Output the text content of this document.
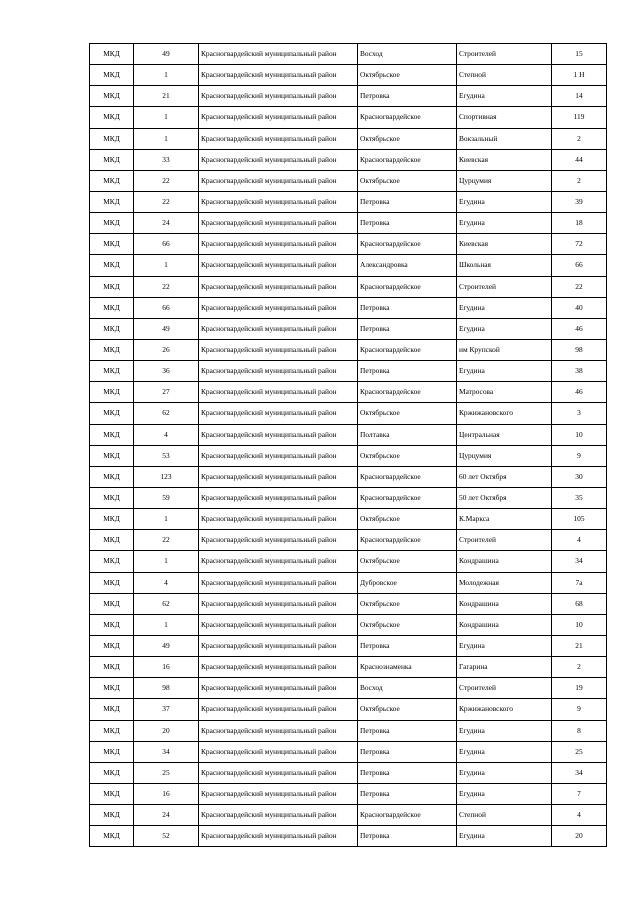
МКД	49	Красногвардейский муниципальный район	Восход	Строителей	15
МКД	1	Красногвардейский муниципальный район	Октябрьское	Степной	1 Н
МКД	21	Красногвардейский муниципальный район	Петровка	Егудина	14
МКД	1	Красногвардейский муниципальный район	Красногвардейское	Спортивная	119
МКД	1	Красногвардейский муниципальный район	Октябрьское	Вокзальный	2
МКД	33	Красногвардейский муниципальный район	Красногвардейское	Киевская	44
МКД	22	Красногвардейский муниципальный район	Октябрьское	Цурцумия	2
МКД	22	Красногвардейский муниципальный район	Петровка	Егудина	39
МКД	24	Красногвардейский муниципальный район	Петровка	Егудина	18
МКД	66	Красногвардейский муниципальный район	Красногвардейское	Киевская	72
МКД	1	Красногвардейский муниципальный район	Александровка	Школьная	66
МКД	22	Красногвардейский муниципальный район	Красногвардейское	Строителей	22
МКД	66	Красногвардейский муниципальный район	Петровка	Егудина	40
МКД	49	Красногвардейский муниципальный район	Петровка	Егудина	46
МКД	26	Красногвардейский муниципальный район	Красногвардейское	им Крупской	98
МКД	36	Красногвардейский муниципальный район	Петровка	Егудина	38
МКД	27	Красногвардейский муниципальный район	Красногвардейское	Матросова	46
МКД	62	Красногвардейский муниципальный район	Октябрьское	Кржижановского	3
МКД	4	Красногвардейский муниципальный район	Полтавка	Центральная	10
МКД	53	Красногвардейский муниципальный район	Октябрьское	Цурцумия	9
МКД	123	Красногвардейский муниципальный район	Красногвардейское	60 лет Октября	30
МКД	59	Красногвардейский муниципальный район	Красногвардейское	50 лет Октября	35
МКД	1	Красногвардейский муниципальный район	Октябрьское	К.Маркса	105
МКД	22	Красногвардейский муниципальный район	Красногвардейское	Строителей	4
МКД	1	Красногвардейский муниципальный район	Октябрьское	Кондрашина	34
МКД	4	Красногвардейский муниципальный район	Дубровское	Молодежная	7а
МКД	62	Красногвардейский муниципальный район	Октябрьское	Кондрашина	68
МКД	1	Красногвардейский муниципальный район	Октябрьское	Кондрашина	10
МКД	49	Красногвардейский муниципальный район	Петровка	Егудина	21
МКД	16	Красногвардейский муниципальный район	Краснознаменка	Гагарина	2
МКД	98	Красногвардейский муниципальный район	Восход	Строителей	19
МКД	37	Красногвардейский муниципальный район	Октябрьское	Кржижановского	9
МКД	20	Красногвардейский муниципальный район	Петровка	Егудина	8
МКД	34	Красногвардейский муниципальный район	Петровка	Егудина	25
МКД	25	Красногвардейский муниципальный район	Петровка	Егудина	34
МКД	16	Красногвардейский муниципальный район	Петровка	Егудина	7
МКД	24	Красногвардейский муниципальный район	Красногвардейское	Степной	4
МКД	52	Красногвардейский муниципальный район	Петровка	Егудина	20
